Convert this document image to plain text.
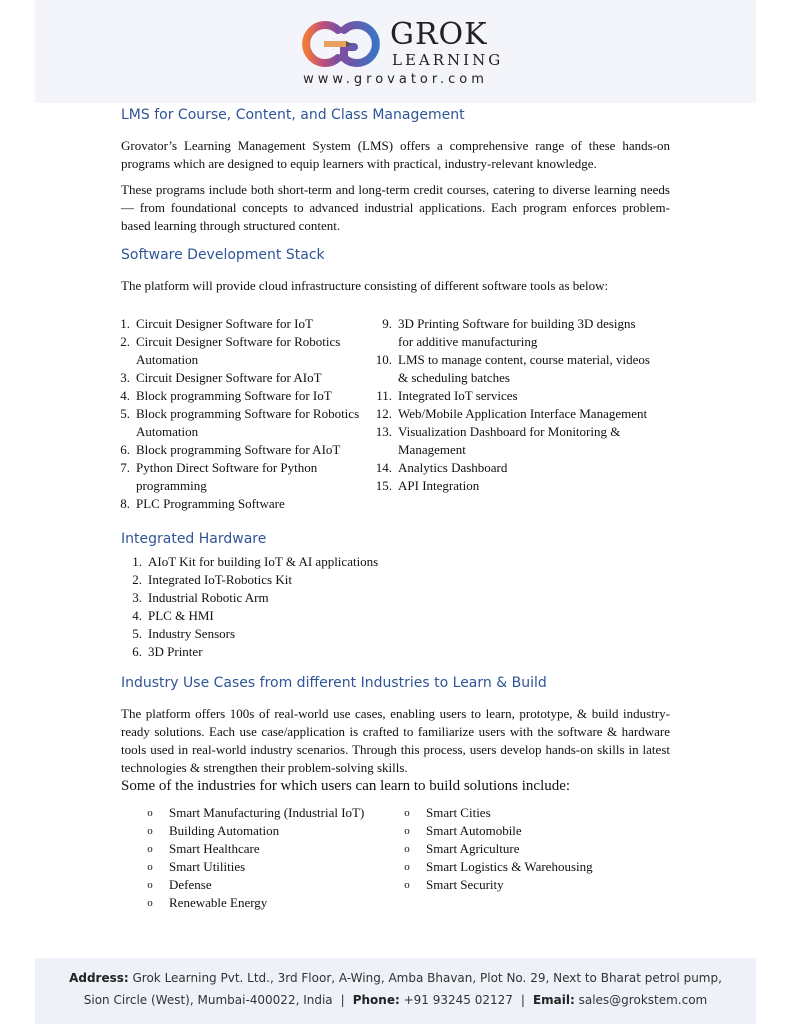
GROK
LEARNING
www.grovator.com
LMS for Course, Content, and Class Management

Grovator’s Learning Management System (LMS) offers a comprehensive range of these hands-on programs which are designed to equip learners with practical, industry-relevant knowledge.

These programs include both short-term and long-term credit courses, catering to diverse learning needs — from foundational concepts to advanced industrial applications. Each program enforces problem-based learning through structured content.

Software Development Stack

The platform will provide cloud infrastructure consisting of different software tools as below:

1. Circuit Designer Software for IoT
2. Circuit Designer Software for Robotics Automation
3. Circuit Designer Software for AIoT
4. Block programming Software for IoT
5. Block programming Software for Robotics Automation
6. Block programming Software for AIoT
7. Python Direct Software for Python programming
8. PLC Programming Software
9. 3D Printing Software for building 3D designs for additive manufacturing
10. LMS to manage content, course material, videos & scheduling batches
11. Integrated IoT services
12. Web/Mobile Application Interface Management
13. Visualization Dashboard for Monitoring & Management
14. Analytics Dashboard
15. API Integration
Integrated Hardware
1. AIoT Kit for building IoT & AI applications
2. Integrated IoT-Robotics Kit
3. Industrial Robotic Arm
4. PLC & HMI
5. Industry Sensors
6. 3D Printer
Industry Use Cases from different Industries to Learn & Build

The platform offers 100s of real-world use cases, enabling users to learn, prototype, & build industry-ready solutions. Each use case/application is crafted to familiarize users with the software & hardware tools used in real-world industry scenarios. Through this process, users develop hands-on skills in latest technologies & strengthen their problem-solving skills.

Some of the industries for which users can learn to build solutions include:

o	Smart Manufacturing (Industrial IoT)
o	Building Automation
o	Smart Healthcare
o	Smart Utilities
o	Defense
o	Renewable Energy
o	Smart Cities
o	Smart Automobile
o	Smart Agriculture
o	Smart Logistics & Warehousing
o	Smart Security
Address: Grok Learning Pvt. Ltd., 3rd Floor, A-Wing, Amba Bhavan, Plot No. 29, Next to Bharat petrol pump,
Sion Circle (West), Mumbai-400022, India | Phone: +91 93245 02127 | Email: sales@grokstem.com
